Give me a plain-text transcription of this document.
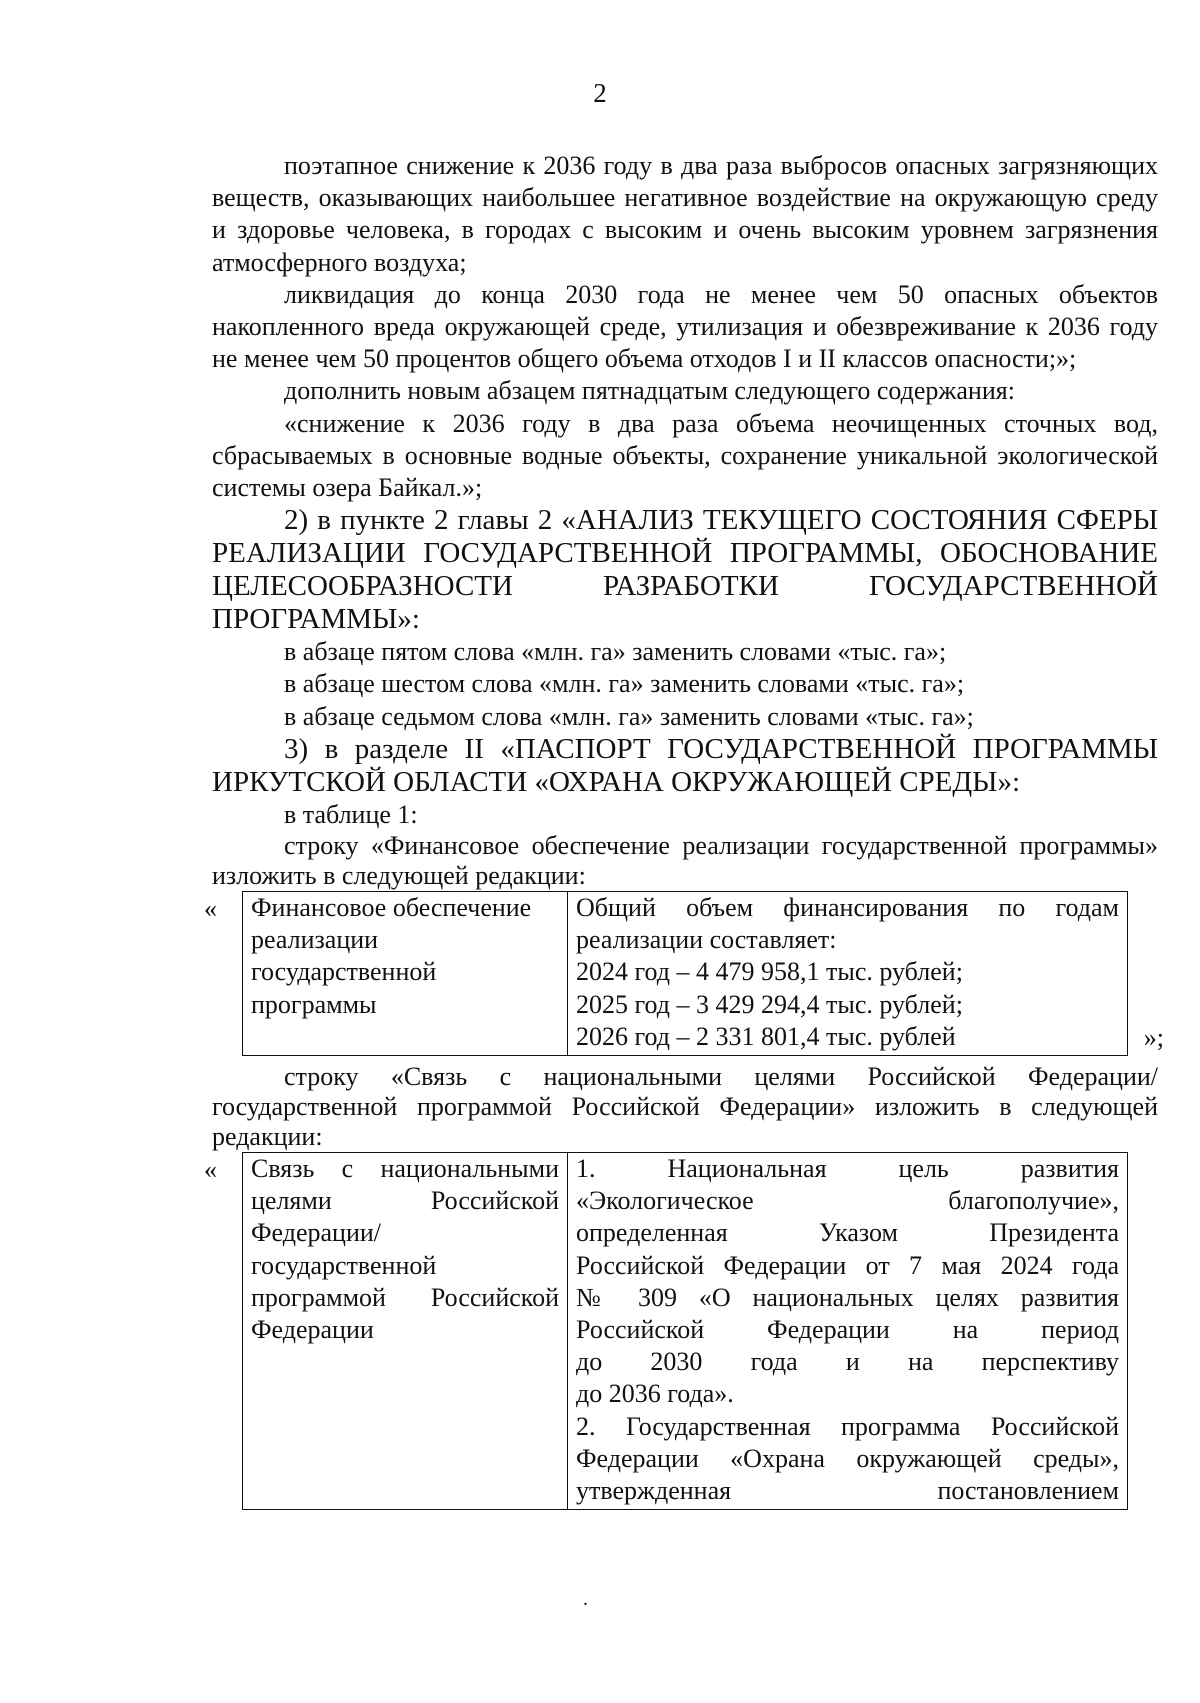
2

поэтапное снижение к 2036 году в два раза выбросов опасных загрязняющих веществ, оказывающих наибольшее негативное воздействие на окружающую среду и здоровье человека, в городах с высоким и очень высоким уровнем загрязнения атмосферного воздуха;

ликвидация до конца 2030 года не менее чем 50 опасных объектов накопленного вреда окружающей среде, утилизация и обезвреживание к 2036 году не менее чем 50 процентов общего объема отходов I и II классов опасности;»;

дополнить новым абзацем пятнадцатым следующего содержания:

«снижение к 2036 году в два раза объема неочищенных сточных вод, сбрасываемых в основные водные объекты, сохранение уникальной экологической системы озера Байкал.»;

2) в пункте 2 главы 2 «АНАЛИЗ ТЕКУЩЕГО СОСТОЯНИЯ СФЕРЫ РЕАЛИЗАЦИИ ГОСУДАРСТВЕННОЙ ПРОГРАММЫ, ОБОСНОВАНИЕ ЦЕЛЕСООБРАЗНОСТИ РАЗРАБОТКИ ГОСУДАРСТВЕННОЙ ПРОГРАММЫ»:

в абзаце пятом слова «млн. га» заменить словами «тыс. га»;

в абзаце шестом слова «млн. га» заменить словами «тыс. га»;

в абзаце седьмом слова «млн. га» заменить словами «тыс. га»;

3) в разделе II «ПАСПОРТ ГОСУДАРСТВЕННОЙ ПРОГРАММЫ ИРКУТСКОЙ ОБЛАСТИ «ОХРАНА ОКРУЖАЮЩЕЙ СРЕДЫ»:

в таблице 1:

строку «Финансовое обеспечение реализации государственной программы» изложить в следующей редакции:

« Финансовое обеспечение
реализации
государственной
программы

Общий объем финансирования по годам
реализации составляет:
2024 год – 4 479 958,1 тыс. рублей;
2025 год – 3 429 294,4 тыс. рублей;
2026 год – 2 331 801,4 тыс. рублей	»;

строку «Связь с национальными целями Российской Федерации/ государственной программой Российской Федерации» изложить в следующей редакции:

« Связь с национальными целями Российской Федерации/государственной программой Российской Федерации

1. Национальная цель развития
«Экологическое благополучие»,
определенная Указом Президента
Российской Федерации от 7 мая 2024 года
№ 309 «О национальных целях развития
Российской Федерации на период
до 2030 года и на перспективу
до 2036 года».
2. Государственная программа Российской
Федерации «Охрана окружающей среды»,
утвержденная постановлением
.
